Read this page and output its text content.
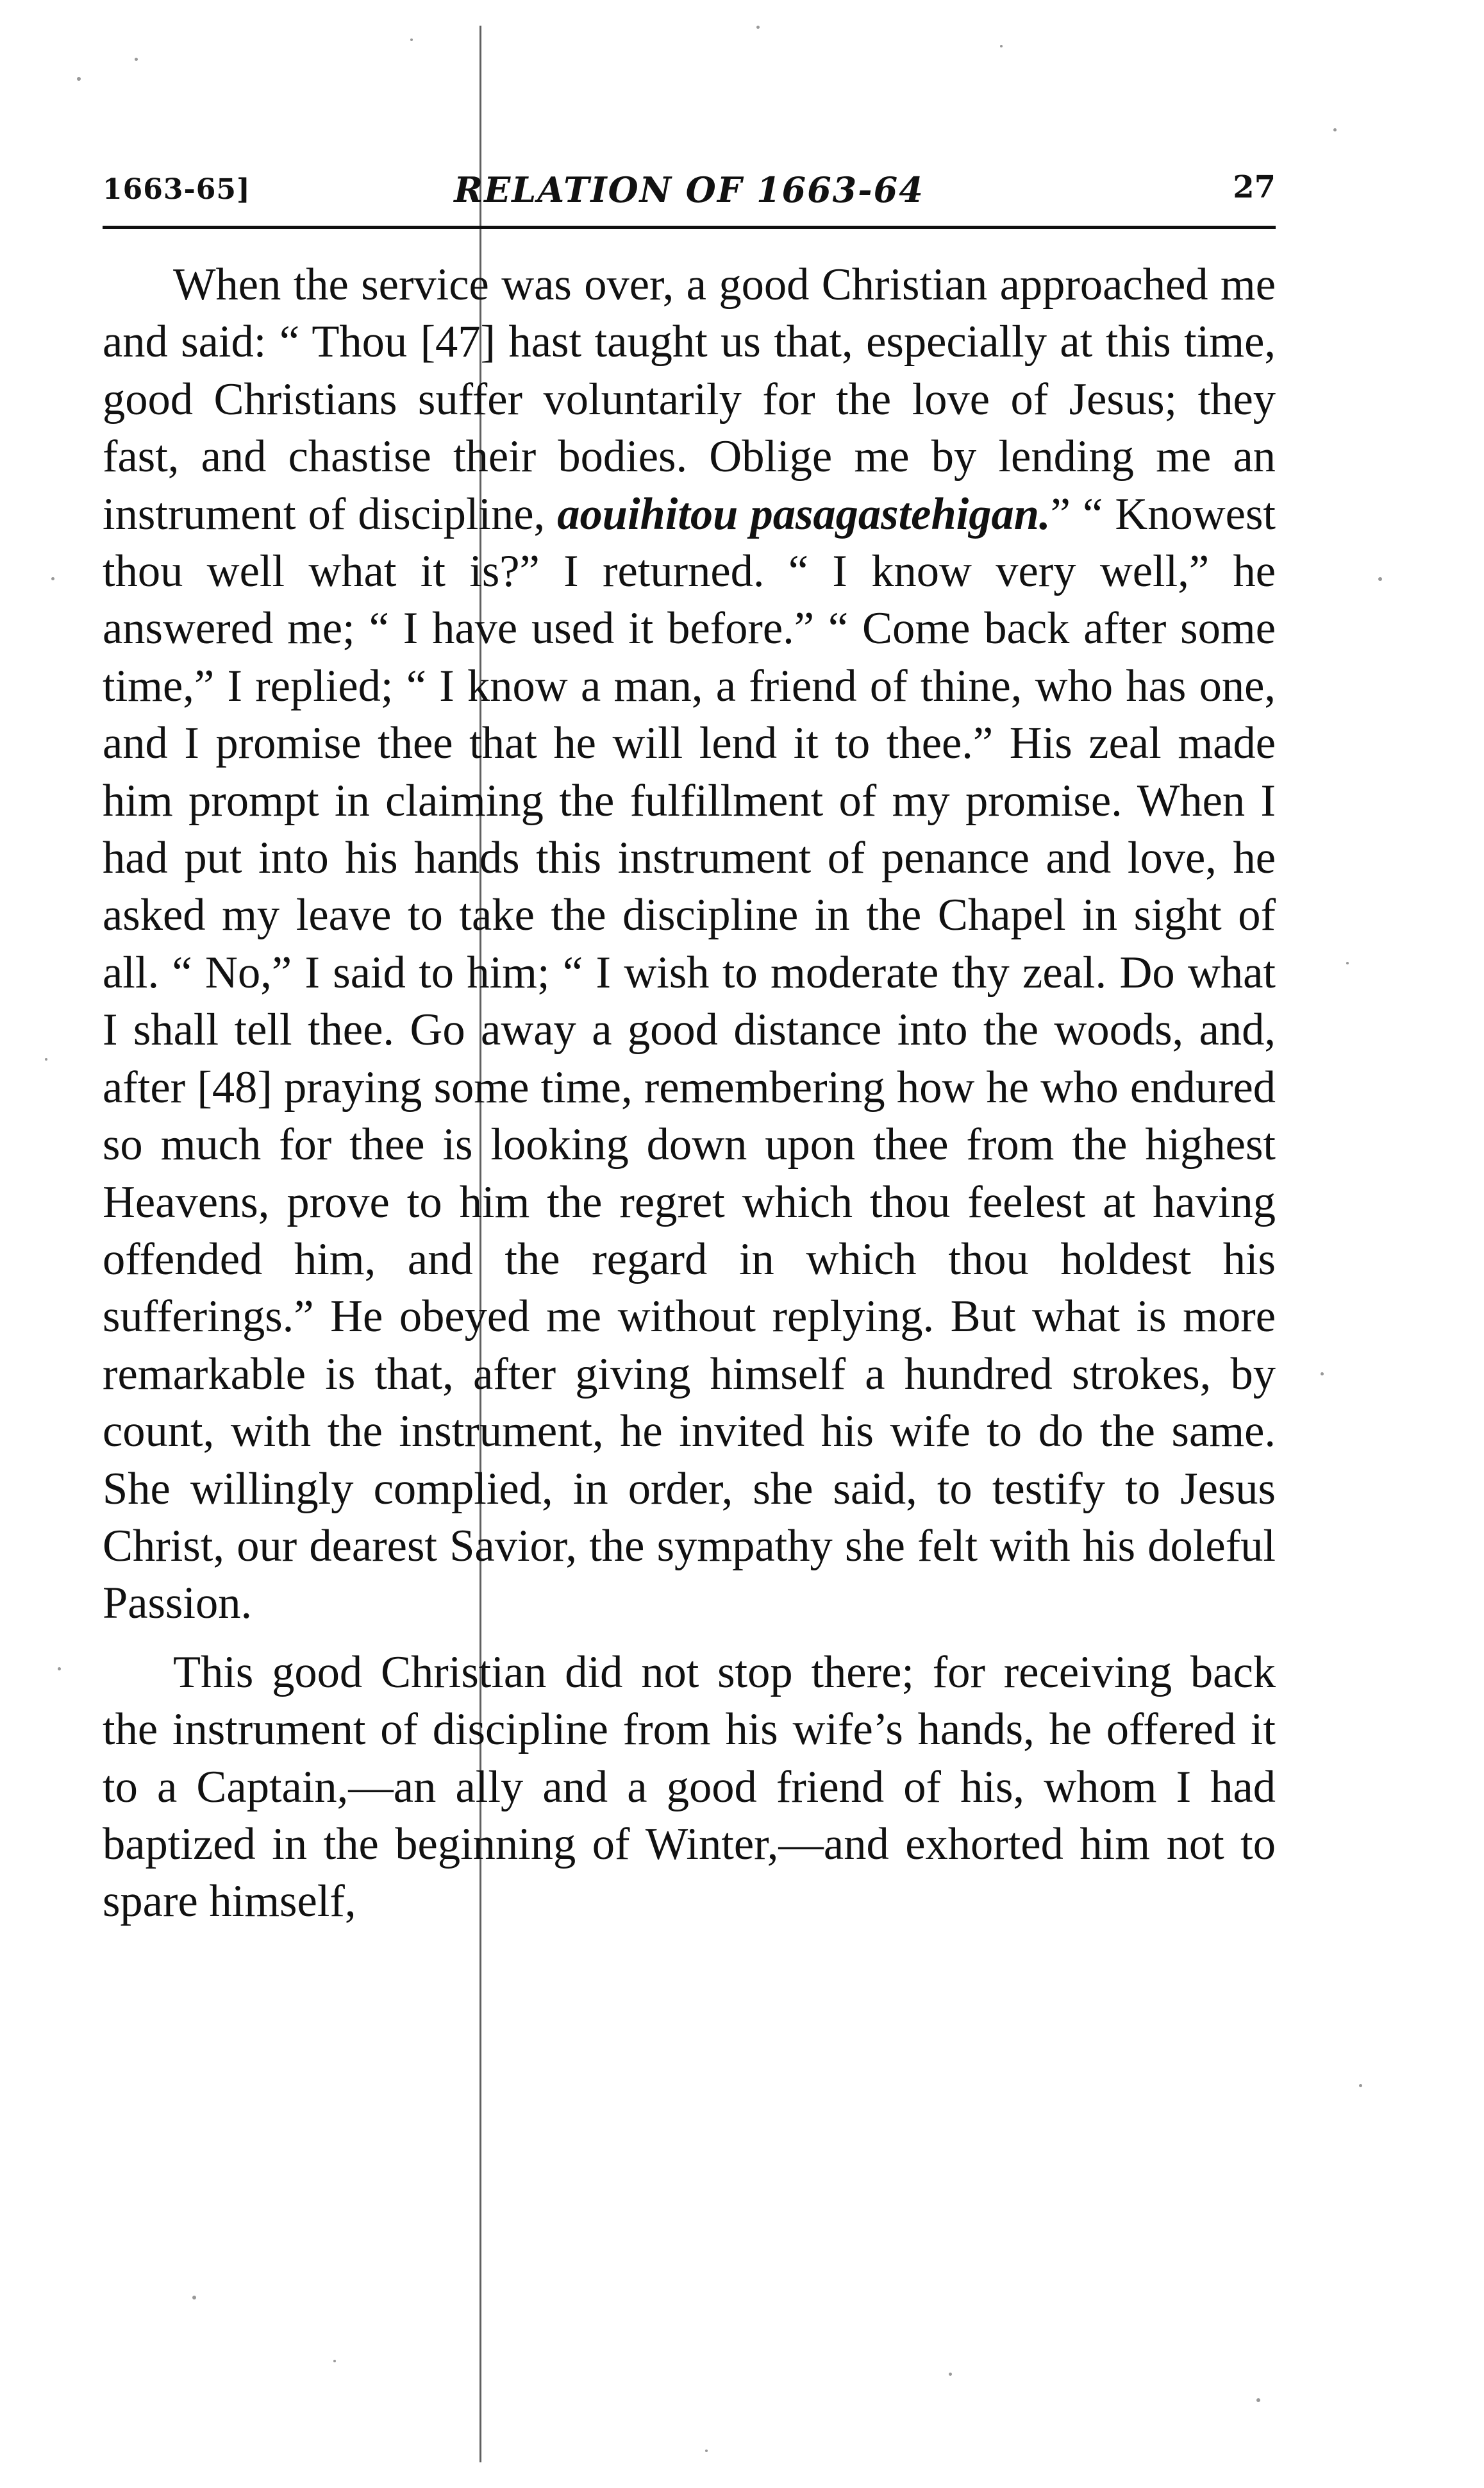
1663-65]	RELATION OF 1663-64	27

When the service was over, a good Christian approached me and said: “ Thou [47] hast taught us that, especially at this time, good Christians suffer voluntarily for the love of Jesus; they fast, and chastise their bodies. Oblige me by lending me an instrument of discipline, aouihitou pasagastehigan.” “ Knowest thou well what it is?” I returned. “ I know very well,” he answered me; “ I have used it before.” “ Come back after some time,” I replied; “ I know a man, a friend of thine, who has one, and I promise thee that he will lend it to thee.” His zeal made him prompt in claiming the fulfillment of my promise. When I had put into his hands this instrument of penance and love, he asked my leave to take the discipline in the Chapel in sight of all. “ No,” I said to him; “ I wish to moderate thy zeal. Do what I shall tell thee. Go away a good distance into the woods, and, after [48] praying some time, remembering how he who endured so much for thee is looking down upon thee from the highest Heavens, prove to him the regret which thou feelest at having offended him, and the regard in which thou holdest his sufferings.” He obeyed me without replying. But what is more remarkable is that, after giving himself a hundred strokes, by count, with the instrument, he invited his wife to do the same. She willingly complied, in order, she said, to testify to Jesus Christ, our dearest Savior, the sympathy she felt with his doleful Passion.

This good Christian did not stop there; for receiving back the instrument of discipline from his wife’s hands, he offered it to a Captain,—an ally and a good friend of his, whom I had baptized in the beginning of Winter,—and exhorted him not to spare himself,
